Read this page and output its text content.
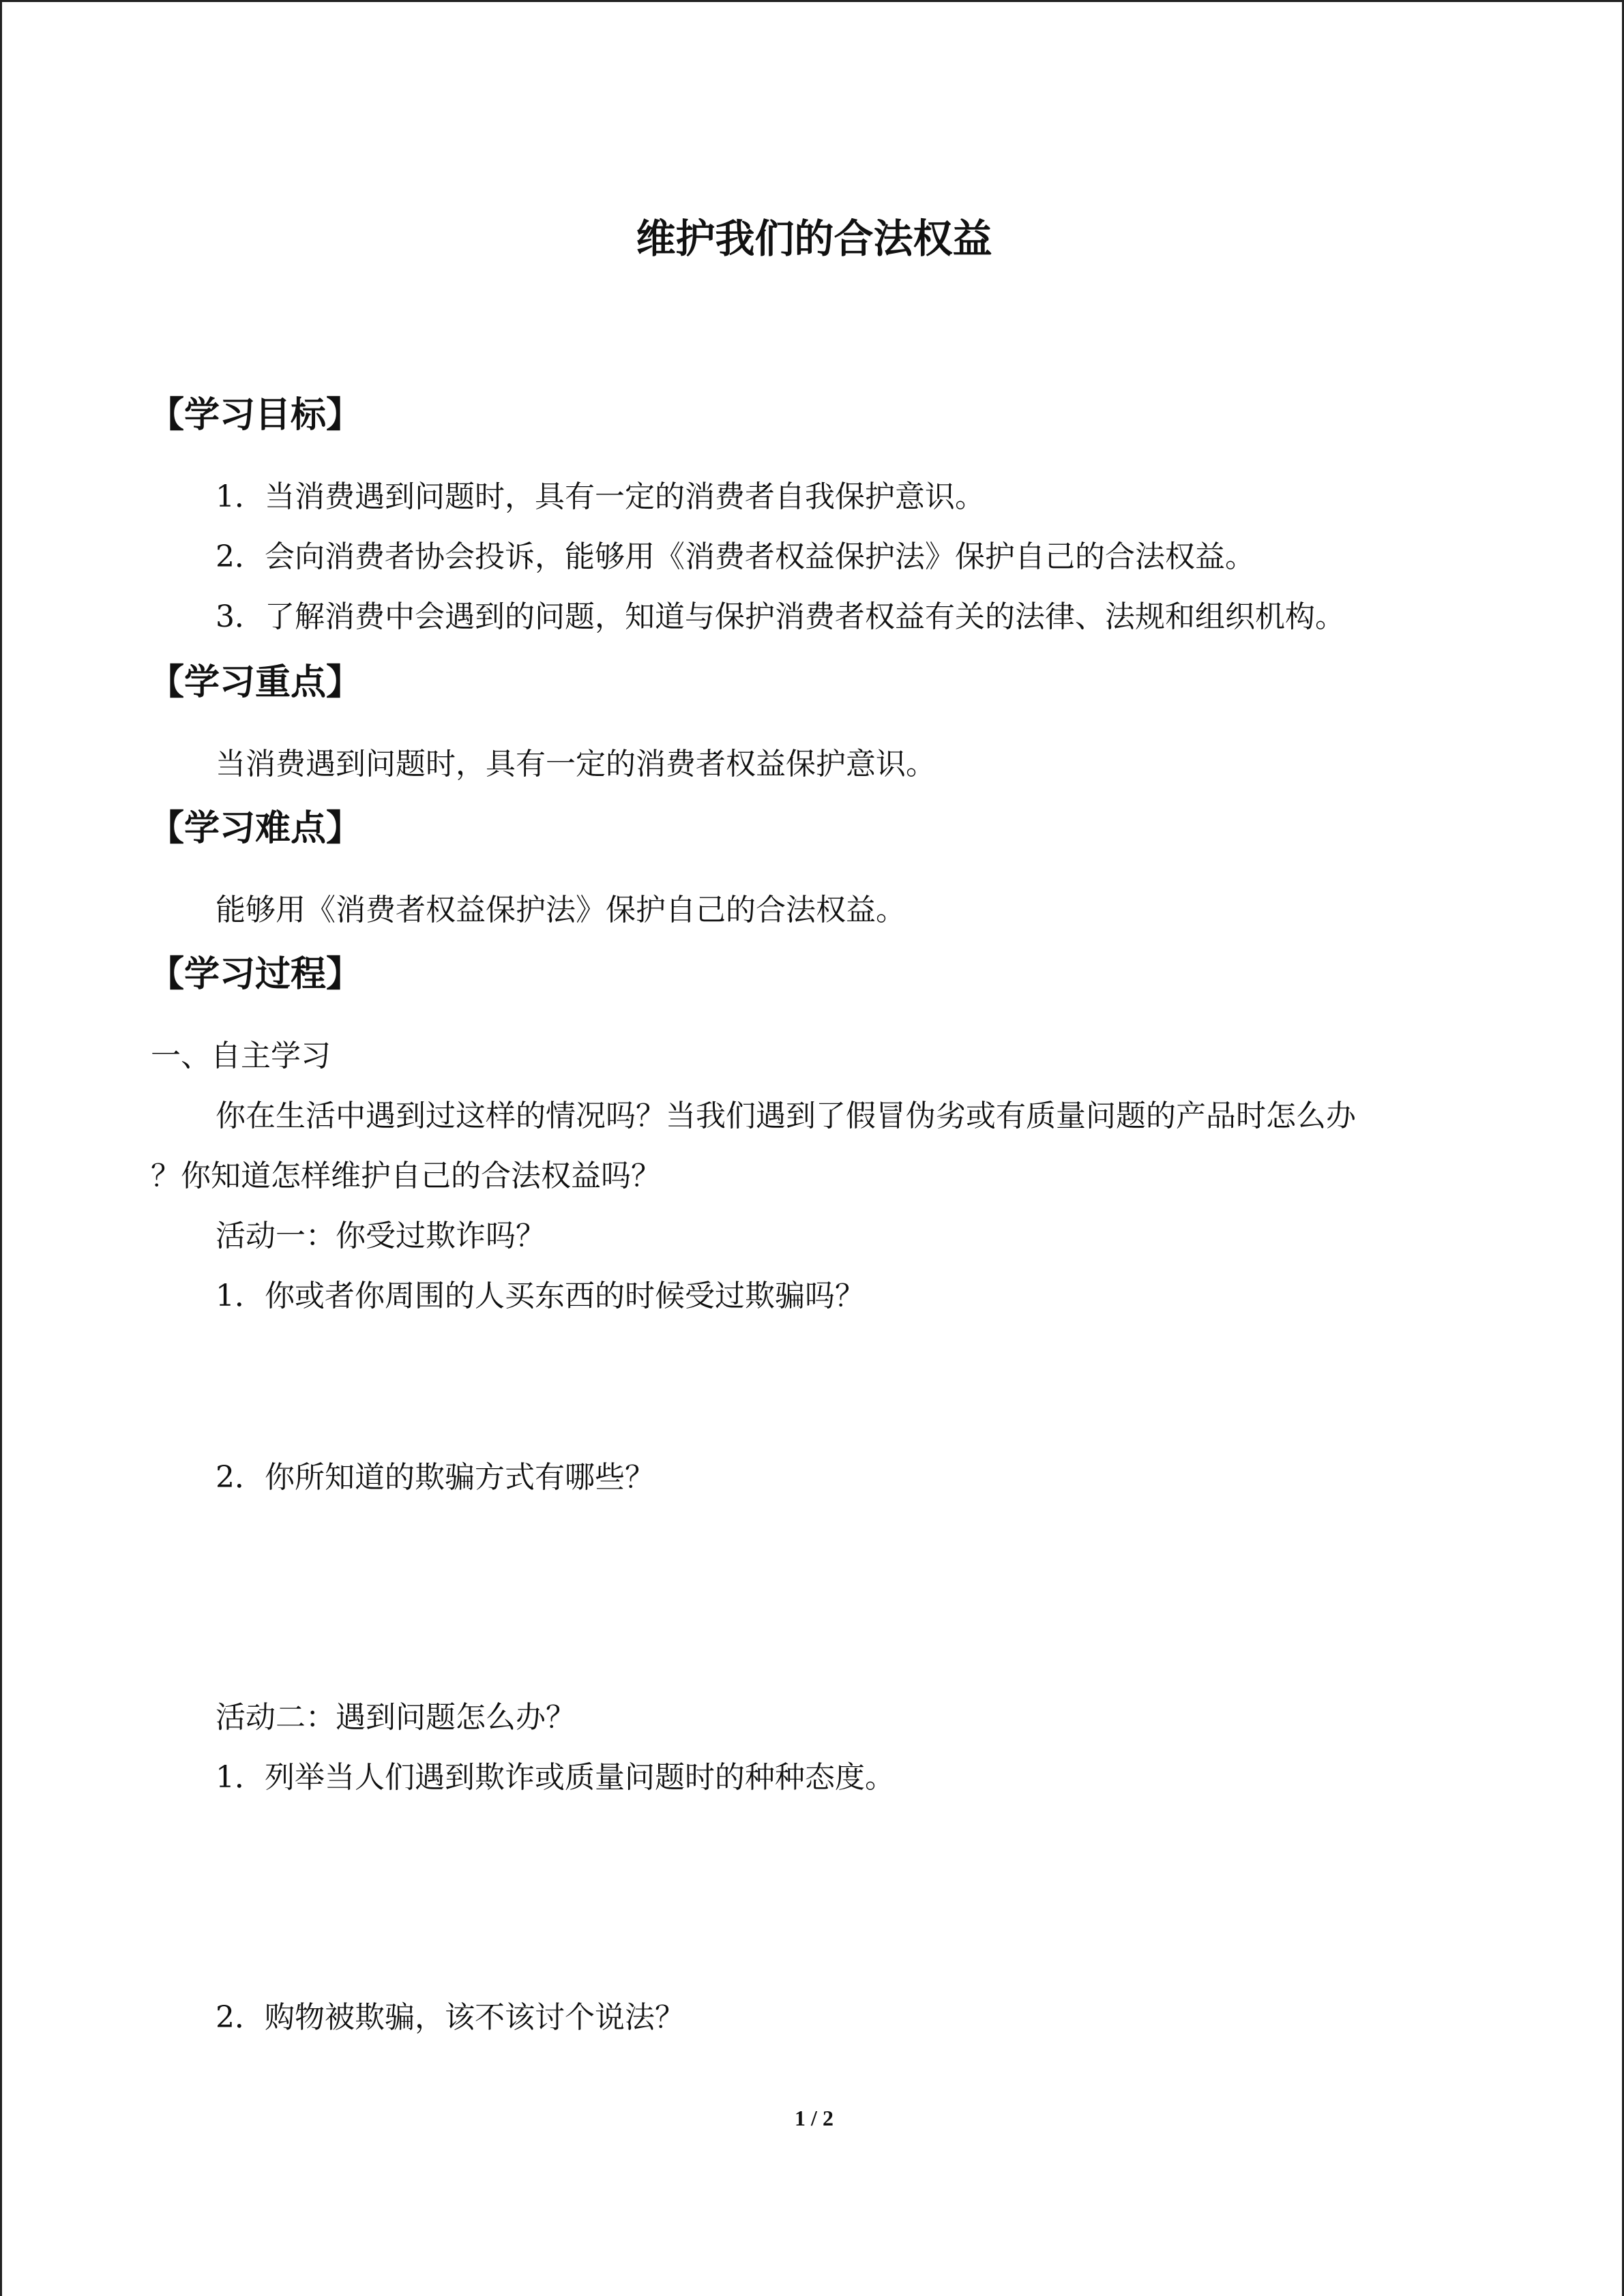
维护我们的合法权益
【学习目标】
1．当消费遇到问题时，具有一定的消费者自我保护意识。
2．会向消费者协会投诉，能够用《消费者权益保护法》保护自己的合法权益。
3．了解消费中会遇到的问题，知道与保护消费者权益有关的法律、法规和组织机构。
【学习重点】
当消费遇到问题时，具有一定的消费者权益保护意识。
【学习难点】
能够用《消费者权益保护法》保护自己的合法权益。
【学习过程】
一、自主学习
你在生活中遇到过这样的情况吗？当我们遇到了假冒伪劣或有质量问题的产品时怎么办
？你知道怎样维护自己的合法权益吗？
活动一：你受过欺诈吗？
1．你或者你周围的人买东西的时候受过欺骗吗？
2．你所知道的欺骗方式有哪些？
活动二：遇到问题怎么办？
1．列举当人们遇到欺诈或质量问题时的种种态度。
2．购物被欺骗，该不该讨个说法？
1 / 2
